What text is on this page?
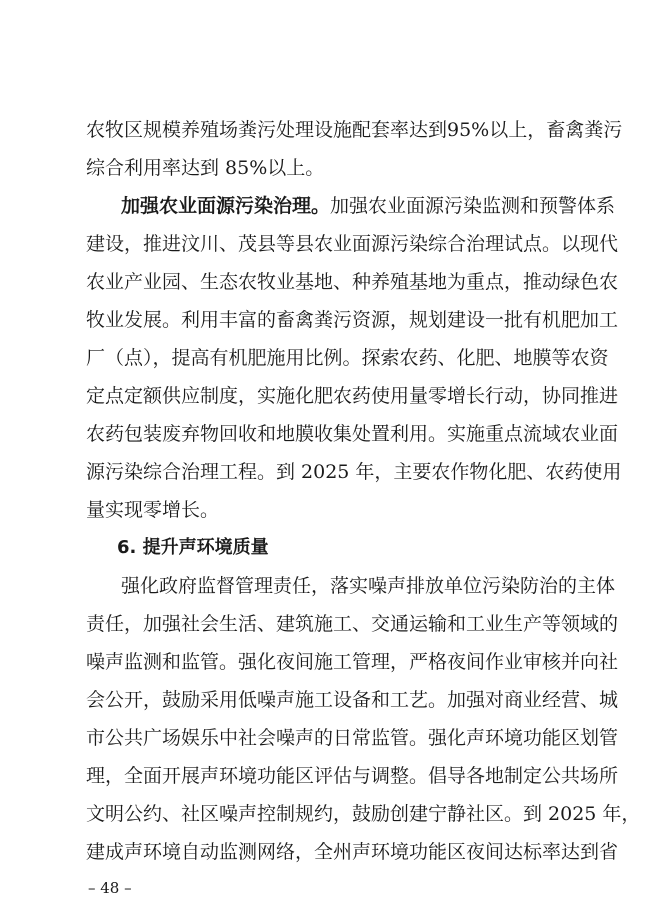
农牧区规模养殖场粪污处理设施配套率达到95%以上，畜禽粪污
综合利用率达到 85%以上。
加强农业面源污染治理。加强农业面源污染监测和预警体系
建设，推进汶川、茂县等县农业面源污染综合治理试点。以现代
农业产业园、生态农牧业基地、种养殖基地为重点，推动绿色农
牧业发展。利用丰富的畜禽粪污资源，规划建设一批有机肥加工
厂（点），提高有机肥施用比例。探索农药、化肥、地膜等农资
定点定额供应制度，实施化肥农药使用量零增长行动，协同推进
农药包装废弃物回收和地膜收集处置利用。实施重点流域农业面
源污染综合治理工程。到 2025 年，主要农作物化肥、农药使用
量实现零增长。
6. 提升声环境质量
强化政府监督管理责任，落实噪声排放单位污染防治的主体
责任，加强社会生活、建筑施工、交通运输和工业生产等领域的
噪声监测和监管。强化夜间施工管理，严格夜间作业审核并向社
会公开，鼓励采用低噪声施工设备和工艺。加强对商业经营、城
市公共广场娱乐中社会噪声的日常监管。强化声环境功能区划管
理，全面开展声环境功能区评估与调整。倡导各地制定公共场所
文明公约、社区噪声控制规约，鼓励创建宁静社区。到 2025 年，
建成声环境自动监测网络，全州声环境功能区夜间达标率达到省
– 48 –
